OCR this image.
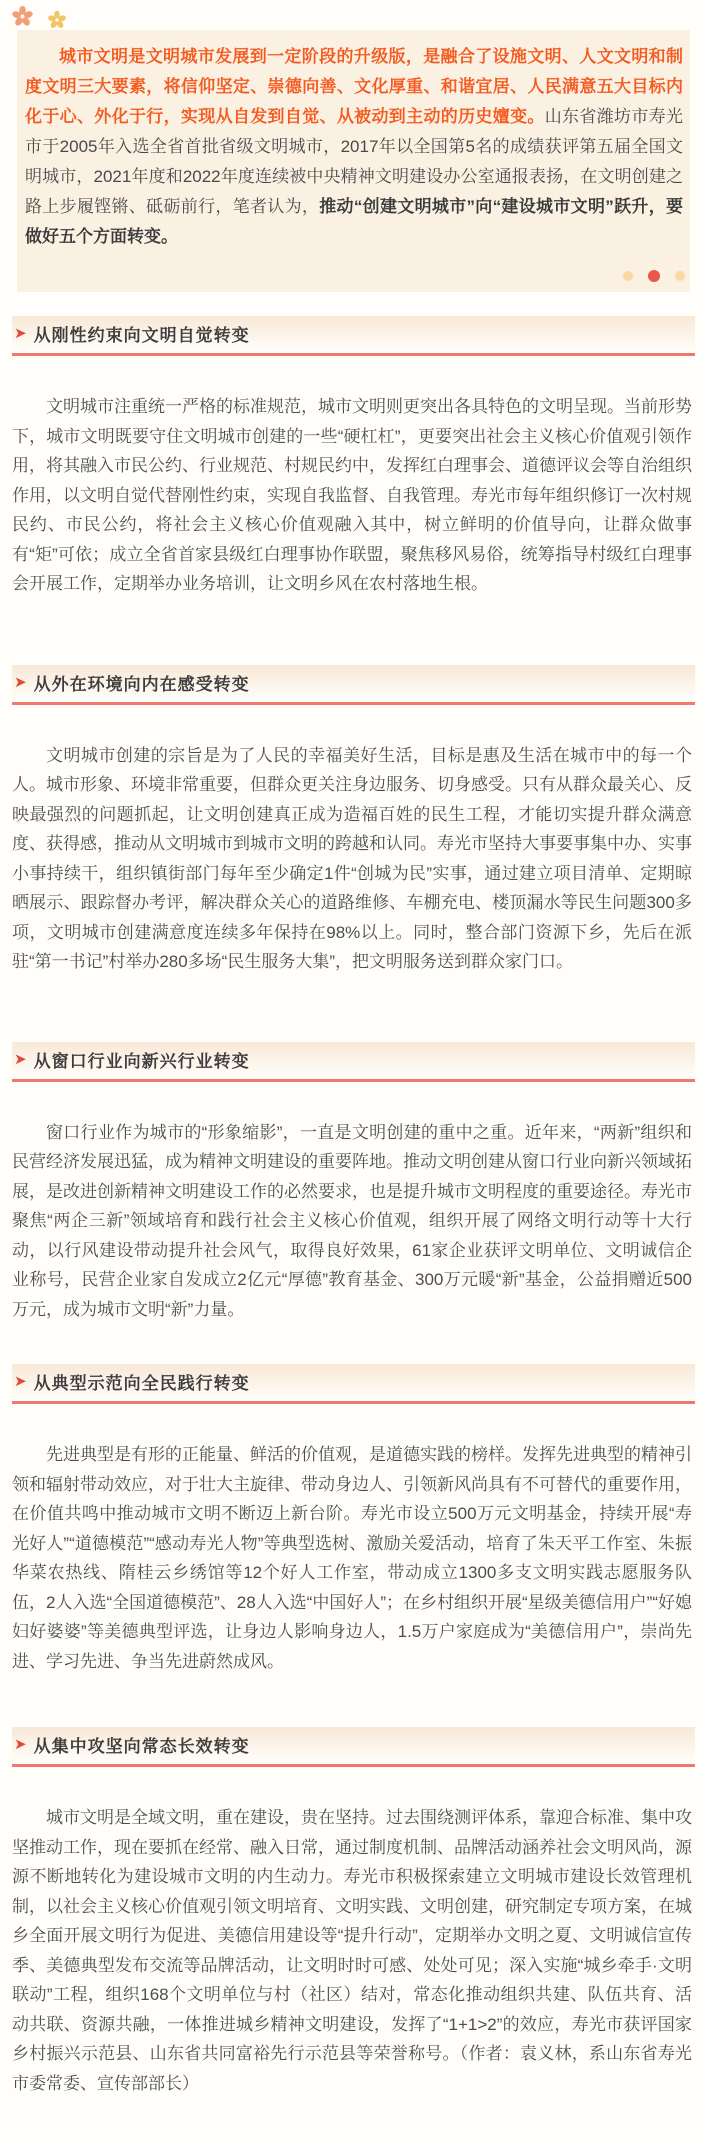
城市文明是文明城市发展到一定阶段的升级版，是融合了设施文明、人文文明和制度文明三大要素，将信仰坚定、崇德向善、文化厚重、和谐宜居、人民满意五大目标内化于心、外化于行，实现从自发到自觉、从被动到主动的历史嬗变。山东省潍坊市寿光市于2005年入选全省首批省级文明城市，2017年以全国第5名的成绩获评第五届全国文明城市，2021年度和2022年度连续被中央精神文明建设办公室通报表扬，在文明创建之路上步履铿锵、砥砺前行，笔者认为，推动“创建文明城市”向“建设城市文明”跃升，要做好五个方面转变。

➤ 从刚性约束向文明自觉转变

文明城市注重统一严格的标准规范，城市文明则更突出各具特色的文明呈现。当前形势下，城市文明既要守住文明城市创建的一些“硬杠杠”，更要突出社会主义核心价值观引领作用，将其融入市民公约、行业规范、村规民约中，发挥红白理事会、道德评议会等自治组织作用，以文明自觉代替刚性约束，实现自我监督、自我管理。寿光市每年组织修订一次村规民约、市民公约，将社会主义核心价值观融入其中，树立鲜明的价值导向，让群众做事有“矩”可依；成立全省首家县级红白理事协作联盟，聚焦移风易俗，统筹指导村级红白理事会开展工作，定期举办业务培训，让文明乡风在农村落地生根。

➤ 从外在环境向内在感受转变

文明城市创建的宗旨是为了人民的幸福美好生活，目标是惠及生活在城市中的每一个人。城市形象、环境非常重要，但群众更关注身边服务、切身感受。只有从群众最关心、反映最强烈的问题抓起，让文明创建真正成为造福百姓的民生工程，才能切实提升群众满意度、获得感，推动从文明城市到城市文明的跨越和认同。寿光市坚持大事要事集中办、实事小事持续干，组织镇街部门每年至少确定1件“创城为民”实事，通过建立项目清单、定期晾晒展示、跟踪督办考评，解决群众关心的道路维修、车棚充电、楼顶漏水等民生问题300多项，文明城市创建满意度连续多年保持在98%以上。同时，整合部门资源下乡，先后在派驻“第一书记”村举办280多场“民生服务大集”，把文明服务送到群众家门口。

➤ 从窗口行业向新兴行业转变

窗口行业作为城市的“形象缩影”，一直是文明创建的重中之重。近年来，“两新”组织和民营经济发展迅猛，成为精神文明建设的重要阵地。推动文明创建从窗口行业向新兴领域拓展，是改进创新精神文明建设工作的必然要求，也是提升城市文明程度的重要途径。寿光市聚焦“两企三新”领域培育和践行社会主义核心价值观，组织开展了网络文明行动等十大行动，以行风建设带动提升社会风气，取得良好效果，61家企业获评文明单位、文明诚信企业称号，民营企业家自发成立2亿元“厚德”教育基金、300万元暖“新”基金，公益捐赠近500万元，成为城市文明“新”力量。

➤ 从典型示范向全民践行转变

先进典型是有形的正能量、鲜活的价值观，是道德实践的榜样。发挥先进典型的精神引领和辐射带动效应，对于壮大主旋律、带动身边人、引领新风尚具有不可替代的重要作用，在价值共鸣中推动城市文明不断迈上新台阶。寿光市设立500万元文明基金，持续开展“寿光好人”“道德模范”“感动寿光人物”等典型选树、激励关爱活动，培育了朱天平工作室、朱振华菜农热线、隋桂云乡绣馆等12个好人工作室，带动成立1300多支文明实践志愿服务队伍，2人入选“全国道德模范”、28人入选“中国好人”；在乡村组织开展“星级美德信用户”“好媳妇好婆婆”等美德典型评选，让身边人影响身边人，1.5万户家庭成为“美德信用户”，崇尚先进、学习先进、争当先进蔚然成风。

➤ 从集中攻坚向常态长效转变

城市文明是全域文明，重在建设，贵在坚持。过去围绕测评体系，靠迎合标准、集中攻坚推动工作，现在要抓在经常、融入日常，通过制度机制、品牌活动涵养社会文明风尚，源源不断地转化为建设城市文明的内生动力。寿光市积极探索建立文明城市建设长效管理机制，以社会主义核心价值观引领文明培育、文明实践、文明创建，研究制定专项方案，在城乡全面开展文明行为促进、美德信用建设等“提升行动”，定期举办文明之夏、文明诚信宣传季、美德典型发布交流等品牌活动，让文明时时可感、处处可见；深入实施“城乡牵手·文明联动”工程，组织168个文明单位与村（社区）结对，常态化推动组织共建、队伍共育、活动共联、资源共融，一体推进城乡精神文明建设，发挥了“1+1>2”的效应，寿光市获评国家乡村振兴示范县、山东省共同富裕先行示范县等荣誉称号。（作者：袁义林，系山东省寿光市委常委、宣传部部长）
